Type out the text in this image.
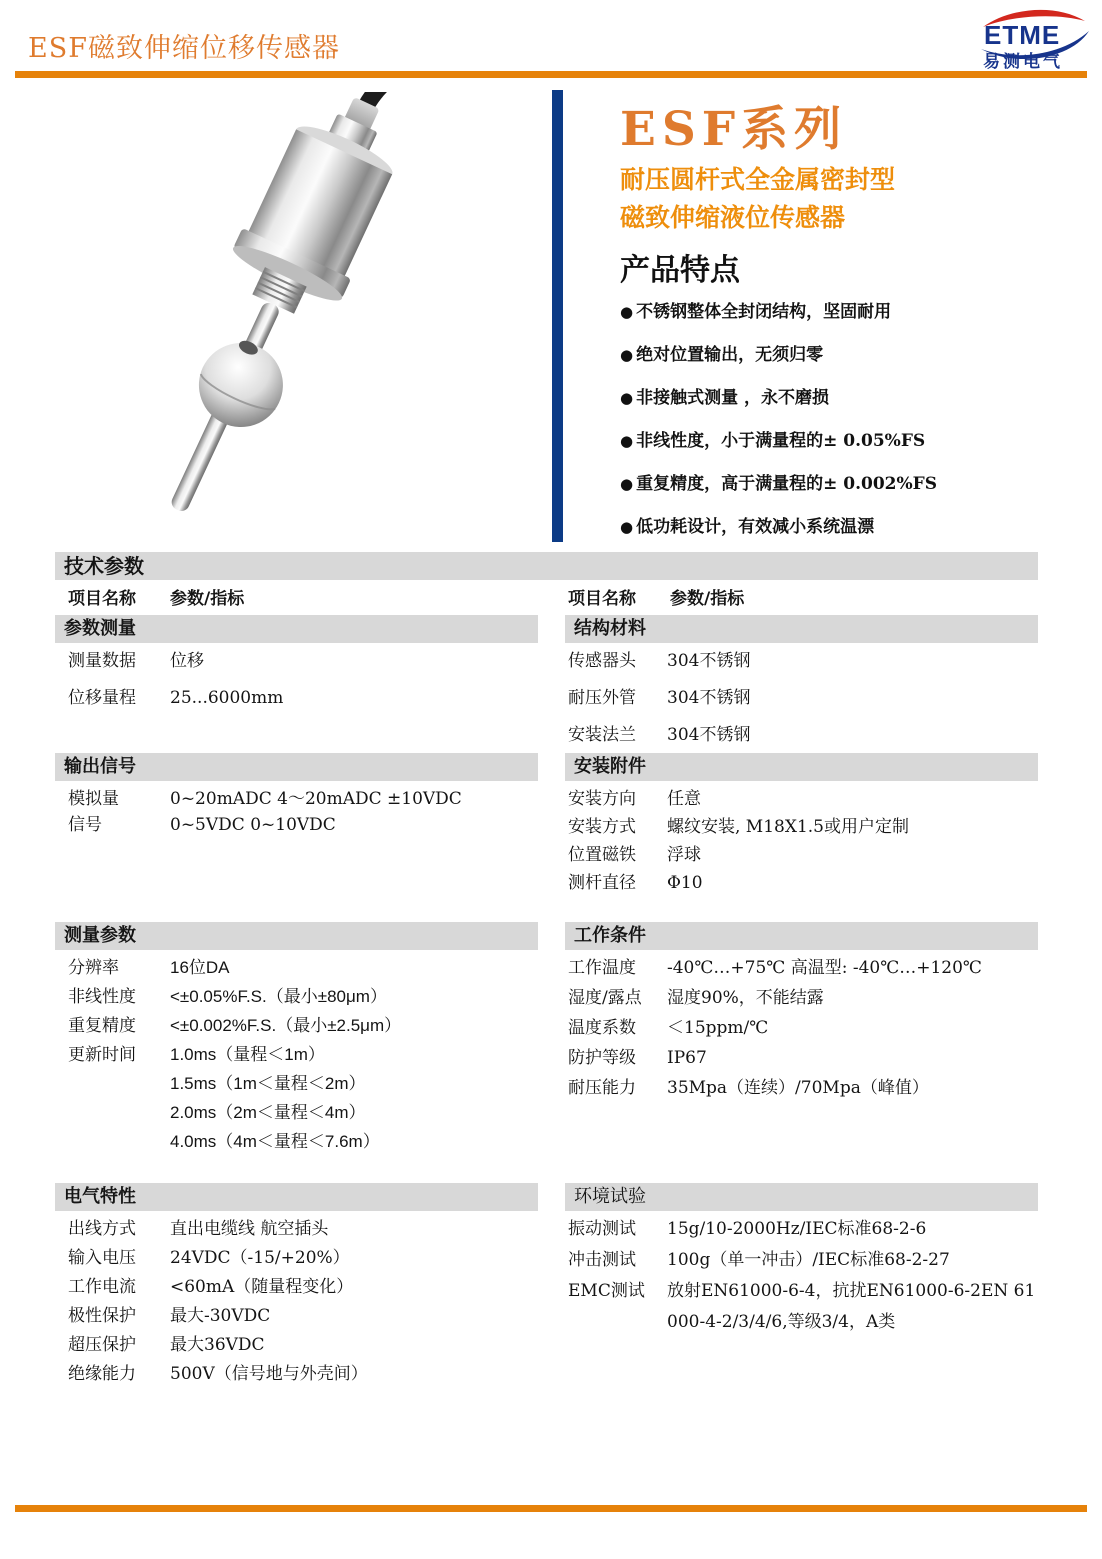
ESF磁致伸缩位移传感器	ETME
易测电气
ESF系列
耐压圆杆式全金属密封型
磁致伸缩液位传感器
产品特点
● 不锈钢整体全封闭结构，坚固耐用
● 绝对位置输出，无须归零
● 非接触式测量 ，永不磨损
● 非线性度，小于满量程的± 0.05%FS
● 重复精度，高于满量程的± 0.002%FS
● 低功耗设计，有效减小系统温漂
技术参数
项目名称 参数/指标	项目名称 参数/指标
参数测量
测量数据	位移
位移量程	25...6000mm
输出信号
模拟量	0~20mADC 4～20mADC ±10VDC
信号	0~5VDC 0~10VDC
测量参数
分辨率	16位DA
非线性度	<±0.05%F.S.（最小±80μm）
重复精度	<±0.002%F.S.（最小±2.5μm）
更新时间	1.0ms（量程＜1m）
1.5ms（1m＜量程＜2m）
2.0ms（2m＜量程＜4m）
4.0ms（4m＜量程＜7.6m）
电气特性
出线方式	直出电缆线 航空插头
输入电压	24VDC（-15/+20%）
工作电流	<60mA（随量程变化）
极性保护	最大-30VDC
超压保护	最大36VDC
绝缘能力	500V（信号地与外壳间）
结构材料
传感器头	304不锈钢
耐压外管	304不锈钢
安装法兰	304不锈钢
安装附件
安装方向	任意
安装方式	螺纹安装, M18X1.5或用户定制
位置磁铁	浮球
测杆直径	Φ10
工作条件
工作温度	-40℃…+75℃ 高温型: -40℃…+120℃
湿度/露点	湿度90%，不能结露
温度系数	＜15ppm/℃
防护等级	IP67
耐压能力	35Mpa（连续）/70Mpa（峰值）
环境试验
振动测试	15g/10-2000Hz/IEC标准68-2-6
冲击测试	100g（单一冲击）/IEC标准68-2-27
EMC测试	放射EN61000-6-4，抗扰EN61000-6-2EN 61
000-4-2/3/4/6,等级3/4，A类
